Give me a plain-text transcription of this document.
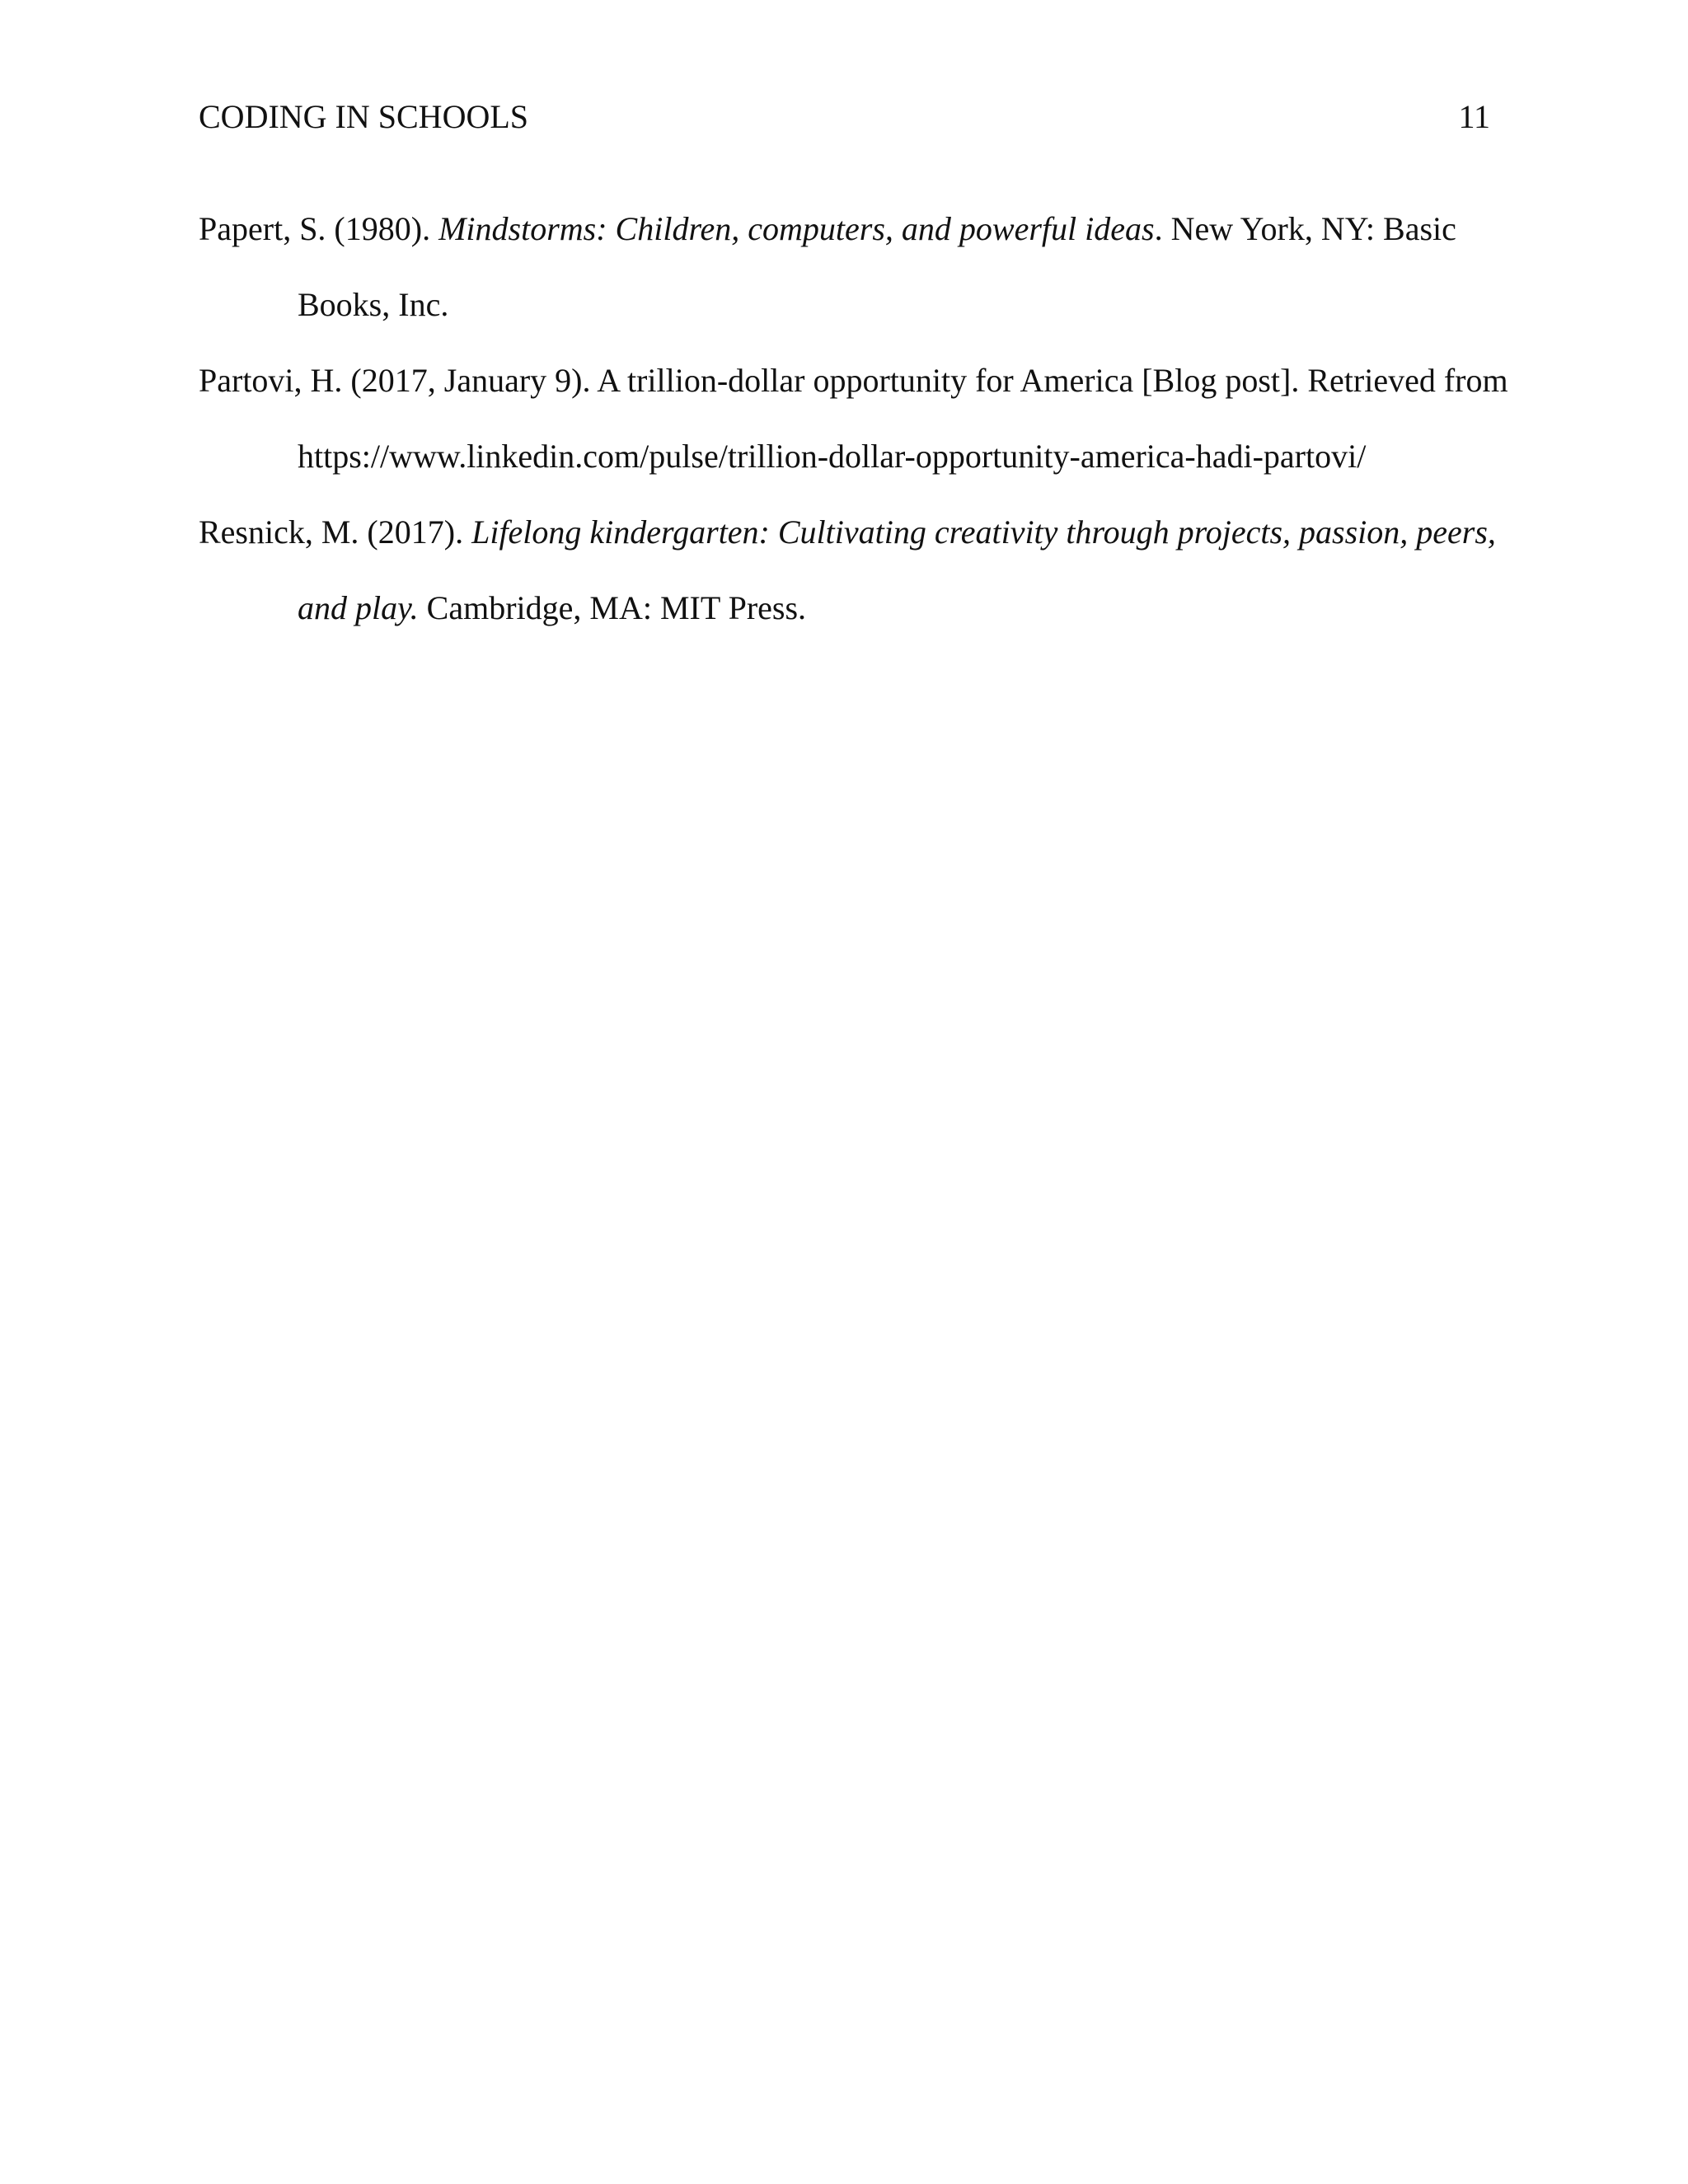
CODING IN SCHOOLS	11

Papert, S. (1980). Mindstorms: Children, computers, and powerful ideas. New York, NY: Basic Books, Inc.

Partovi, H. (2017, January 9). A trillion-dollar opportunity for America [Blog post]. Retrieved from https://www.linkedin.com/pulse/trillion-dollar-opportunity-america-hadi-partovi/

Resnick, M. (2017). Lifelong kindergarten: Cultivating creativity through projects, passion, peers, and play. Cambridge, MA: MIT Press.
